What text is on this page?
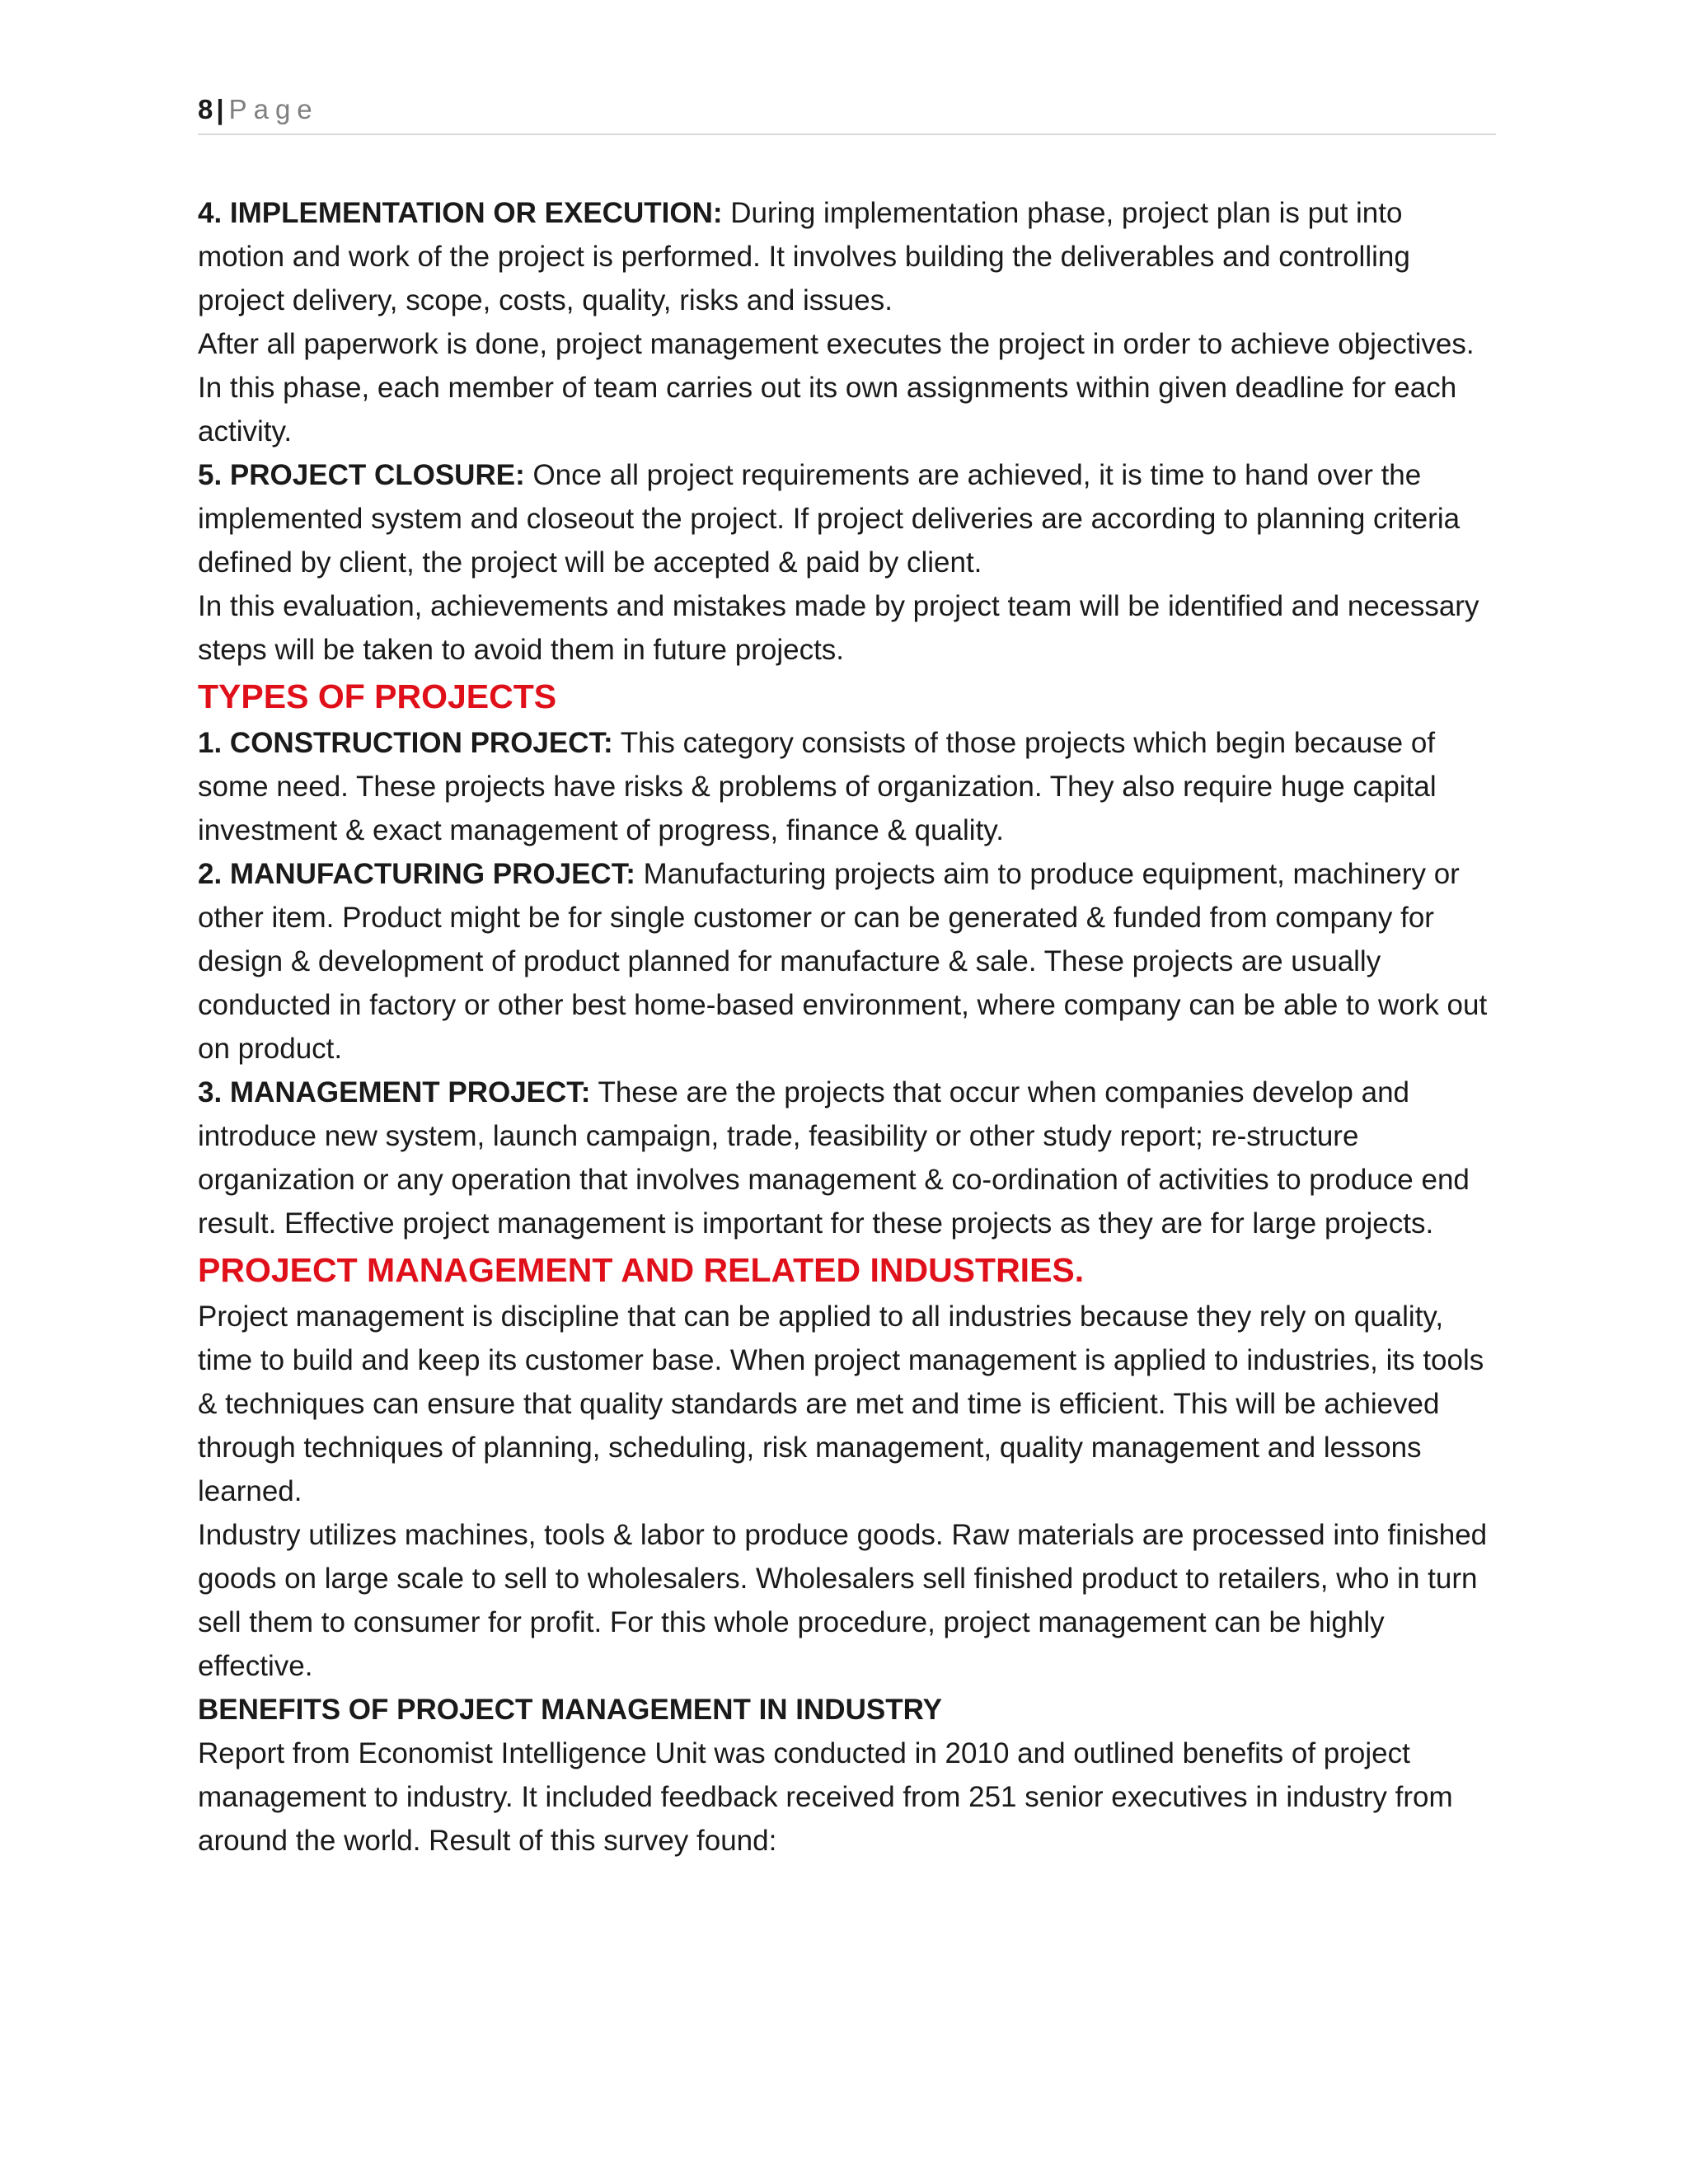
8 | Page

4. IMPLEMENTATION OR EXECUTION: During implementation phase, project plan is put into motion and work of the project is performed. It involves building the deliverables and controlling project delivery, scope, costs, quality, risks and issues.

After all paperwork is done, project management executes the project in order to achieve objectives. In this phase, each member of team carries out its own assignments within given deadline for each activity.

5. PROJECT CLOSURE: Once all project requirements are achieved, it is time to hand over the implemented system and closeout the project. If project deliveries are according to planning criteria defined by client, the project will be accepted & paid by client.

In this evaluation, achievements and mistakes made by project team will be identified and necessary steps will be taken to avoid them in future projects.

TYPES OF PROJECTS

1. CONSTRUCTION PROJECT: This category consists of those projects which begin because of some need. These projects have risks & problems of organization. They also require huge capital investment & exact management of progress, finance & quality.

2. MANUFACTURING PROJECT: Manufacturing projects aim to produce equipment, machinery or other item. Product might be for single customer or can be generated & funded from company for design & development of product planned for manufacture & sale. These projects are usually conducted in factory or other best home-based environment, where company can be able to work out on product.

3. MANAGEMENT PROJECT: These are the projects that occur when companies develop and introduce new system, launch campaign, trade, feasibility or other study report; re-structure organization or any operation that involves management & co-ordination of activities to produce end result. Effective project management is important for these projects as they are for large projects.

PROJECT MANAGEMENT AND RELATED INDUSTRIES.

Project management is discipline that can be applied to all industries because they rely on quality, time to build and keep its customer base. When project management is applied to industries, its tools & techniques can ensure that quality standards are met and time is efficient. This will be achieved through techniques of planning, scheduling, risk management, quality management and lessons learned.

Industry utilizes machines, tools & labor to produce goods. Raw materials are processed into finished goods on large scale to sell to wholesalers. Wholesalers sell finished product to retailers, who in turn sell them to consumer for profit. For this whole procedure, project management can be highly effective.

BENEFITS OF PROJECT MANAGEMENT IN INDUSTRY

Report from Economist Intelligence Unit was conducted in 2010 and outlined benefits of project management to industry. It included feedback received from 251 senior executives in industry from around the world. Result of this survey found:
